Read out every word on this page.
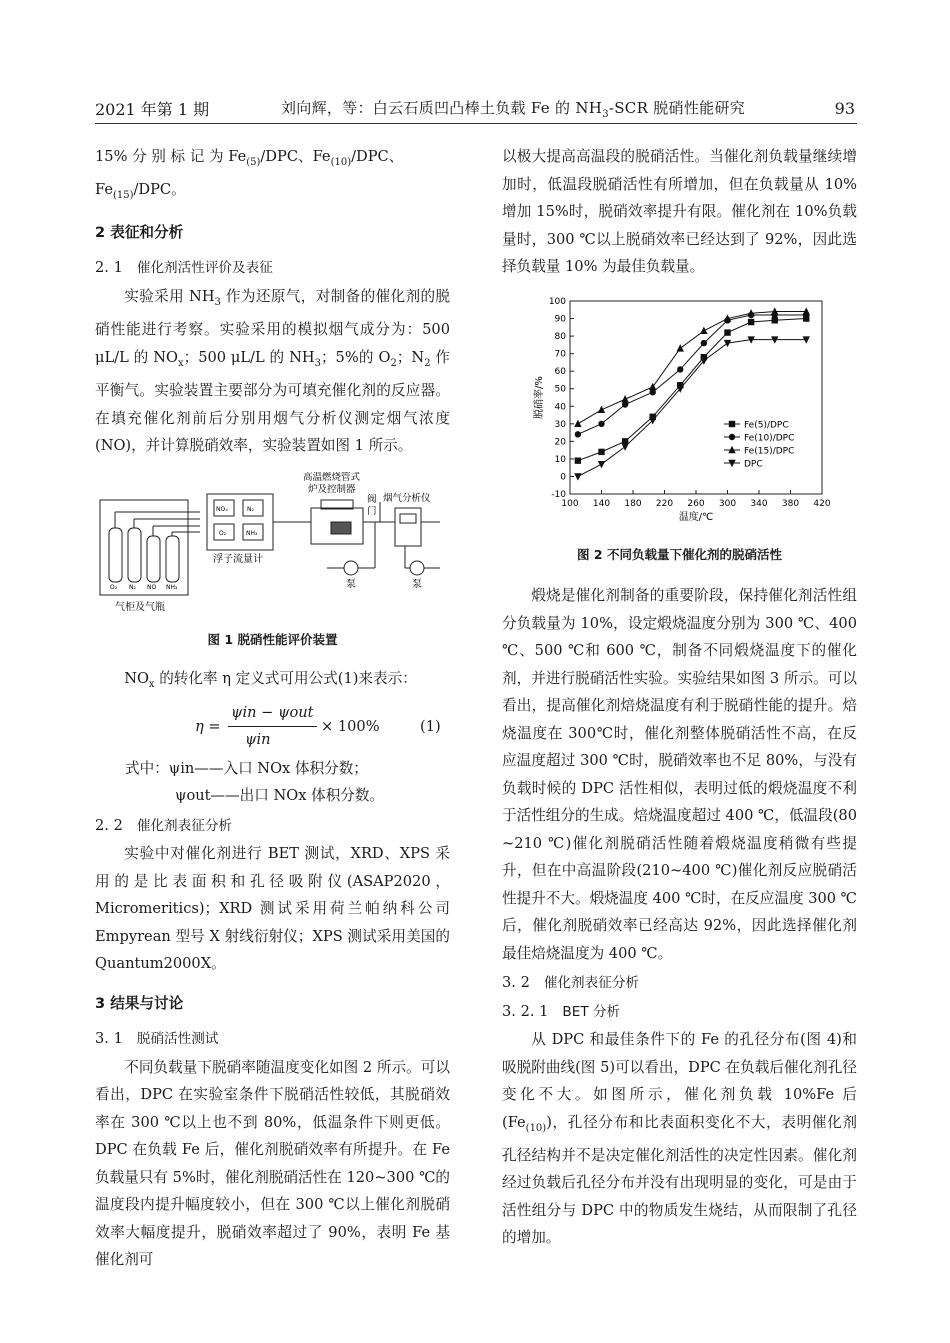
2021 年第 1 期	刘向辉，等：白云石质凹凸棒土负载 Fe 的 $NH_3$-SCR 脱硝性能研究	93

15% 分 别 标 记 为 $Fe_{(5)}$/DPC、$Fe_{(10)}$/DPC、
$Fe_{(15)}$/DPC。

2 表征和分析
2. 1 催化剂活性评价及表征

实验采用 $NH_3$ 作为还原气，对制备的催化剂的脱硝性能进行考察。实验采用的模拟烟气成分为：500 μL/L 的 $NO_x$；500 μL/L 的 $NH_3$；5%的 $O_2$；$N_2$ 作平衡气。实验装置主要部分为可填充催化剂的反应器。在填充催化剂前后分别用烟气分析仪测定烟气浓度(NO)，并计算脱硝效率，实验装置如图 1 所示。

NOₓ	N₂
O₂	NH₃
O₂ N₂ NO NH₃
气柜及气瓶
浮子流量计
高温燃烧管式
炉及控制器
阀
门
烟气分析仪
泵	泵
图 1 脱硝性能评价装置

$NO_x$ 的转化率 η 定义式可用公式(1)来表示：

η =
ψin − ψout
ψin
× 100%	(1)

式中：ψin——入口 NOx 体积分数；

ψout——出口 NOx 体积分数。

2. 2 催化剂表征分析

实验中对催化剂进行 BET 测试，XRD、XPS 采用的是比表面积和孔径吸附仪(ASAP2020，Micromeritics)；XRD 测试采用荷兰帕纳科公司 Empyrean 型号 X 射线衍射仪；XPS 测试采用美国的 Quantum2000X。

3 结果与讨论
3. 1 脱硝活性测试

不同负载量下脱硝率随温度变化如图 2 所示。可以看出，DPC 在实验室条件下脱硝活性较低，其脱硝效率在 300 ℃以上也不到 80%，低温条件下则更低。DPC 在负载 Fe 后，催化剂脱硝效率有所提升。在 Fe 负载量只有 5%时，催化剂脱硝活性在 120~300 ℃的温度段内提升幅度较小，但在 300 ℃以上催化剂脱硝效率大幅度提升，脱硝效率超过了 90%，表明 Fe 基催化剂可

以极大提高高温段的脱硝活性。当催化剂负载量继续增加时，低温段脱硝活性有所增加，但在负载量从 10%增加 15%时，脱硝效率提升有限。催化剂在 10%负载量时，300 ℃以上脱硝效率已经达到了 92%，因此选择负载量 10% 为最佳负载量。

100 140 180 220 260 300 340 380 420
-10
0
10
20
30
40
50
60
70
80
90
100
温度/℃
脱硝率/%
Fe(5)/DPC
Fe(10)/DPC
Fe(15)/DPC
DPC
图 2 不同负载量下催化剂的脱硝活性

煅烧是催化剂制备的重要阶段，保持催化剂活性组分负载量为 10%，设定煅烧温度分别为 300 ℃、400 ℃、500 ℃和 600 ℃，制备不同煅烧温度下的催化剂，并进行脱硝活性实验。实验结果如图 3 所示。可以看出，提高催化剂焙烧温度有利于脱硝性能的提升。焙烧温度在 300℃时，催化剂整体脱硝活性不高，在反应温度超过 300 ℃时，脱硝效率也不足 80%，与没有负载时候的 DPC 活性相似，表明过低的煅烧温度不利于活性组分的生成。焙烧温度超过 400 ℃，低温段(80 ~210 ℃)催化剂脱硝活性随着煅烧温度稍微有些提升，但在中高温阶段(210~400 ℃)催化剂反应脱硝活性提升不大。煅烧温度 400 ℃时，在反应温度 300 ℃后，催化剂脱硝效率已经高达 92%，因此选择催化剂最佳焙烧温度为 400 ℃。

3. 2 催化剂表征分析
3. 2. 1 BET 分析

从 DPC 和最佳条件下的 Fe 的孔径分布(图 4)和吸脱附曲线(图 5)可以看出，DPC 在负载后催化剂孔径变化不大。如图所示，催化剂负载 10%Fe 后$(Fe_{(10)})$，孔径分布和比表面积变化不大，表明催化剂孔径结构并不是决定催化剂活性的决定性因素。催化剂经过负载后孔径分布并没有出现明显的变化，可是由于活性组分与 DPC 中的物质发生烧结，从而限制了孔径的增加。
